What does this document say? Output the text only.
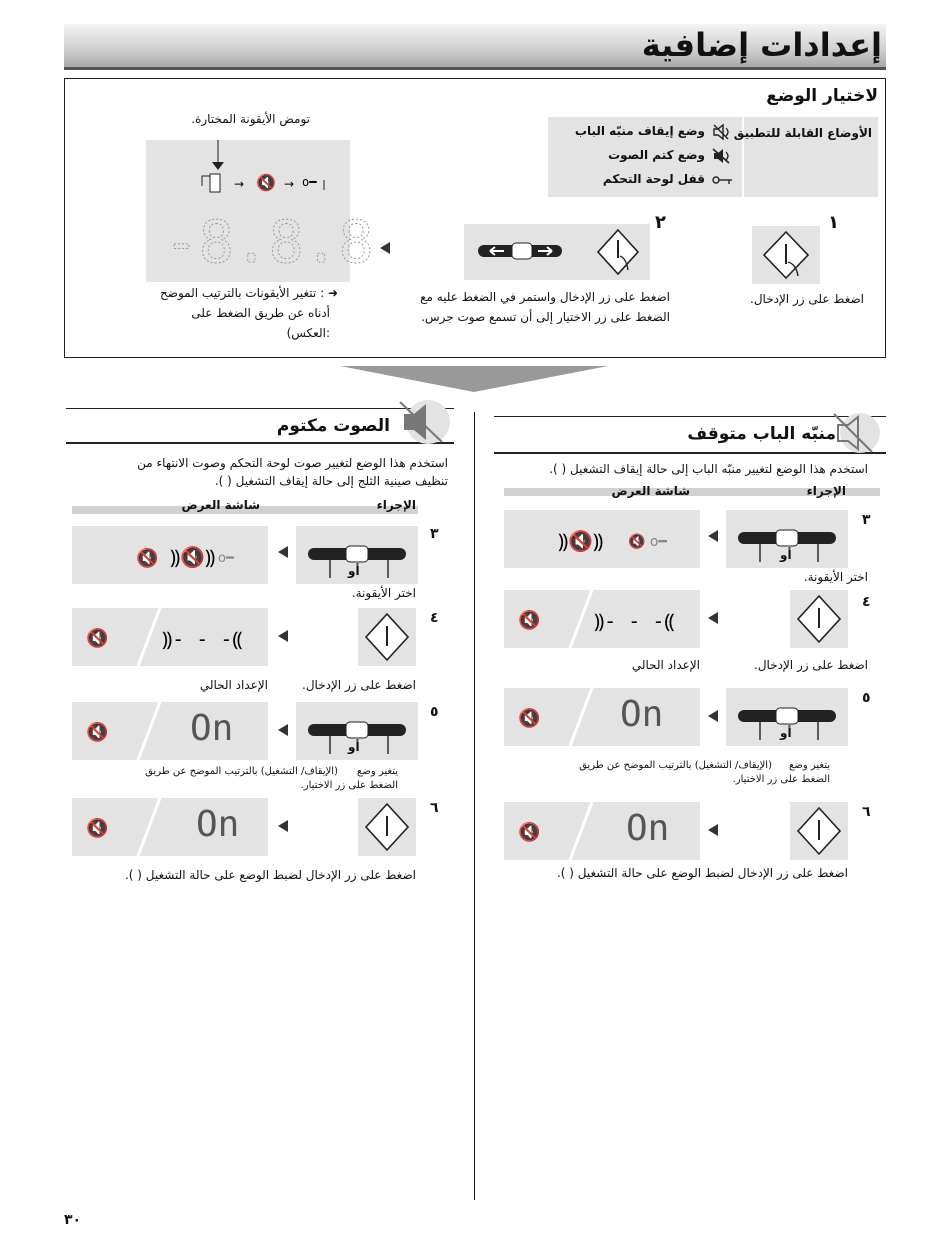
إعدادات إضافية
لاختيار الوضع
الأوضاع القابلة للتطبيق
وضع إيقاف منبّه الباب
وضع كتم الصوت
قفل لوحة التحكم
١
اضغط على زر الإدخال.
٢
اضغط على زر الإدخال واستمر في الضغط عليه مع
الضغط على زر الاختيار إلى أن تسمع صوت جرس.
تومض الأيقونة المختارة.
→ 🔇 → o━
-8.8.8
➜ : تتغير الأيقونات بالترتيب الموضح
أدناه عن طريق الضغط على
:العكس)
منبّه الباب متوقف
استخدم هذا الوضع لتغيير منبّه الباب إلى حالة إيقاف التشغيل ( ).
الإجراء
شاشة العرض
٣
أو
⸩🔇⸩ 🔇 o━
اختر الأيقونة.
٤
🔇	⸩- - -⸨
اضغط على زر الإدخال.
الإعداد الحالي
٥
أو
🔇 On
يتغير وضع
(الإيقاف/ التشغيل) بالترتيب الموضح عن طريق
الضغط على زر الاختيار.
٦
🔇 On
اضغط على زر الإدخال لضبط الوضع على حالة التشغيل ( ).
الصوت مكتوم
استخدم هذا الوضع لتغيير صوت لوحة التحكم وصوت الانتهاء من
تنظيف صينية الثلج إلى حالة إيقاف التشغيل ( ).
الإجراء
شاشة العرض
٣
أو
🔇 ⸩🔇⸩ o━
اختر الأيقونة.
٤
🔇	⸩- - -⸨
اضغط على زر الإدخال.
الإعداد الحالي
٥
أو
🔇 On
يتغير وضع
(الإيقاف/ التشغيل) بالترتيب الموضح عن طريق
الضغط على زر الاختيار.
٦
🔇 On
اضغط على زر الإدخال لضبط الوضع على حالة التشغيل ( ).
٣٠
